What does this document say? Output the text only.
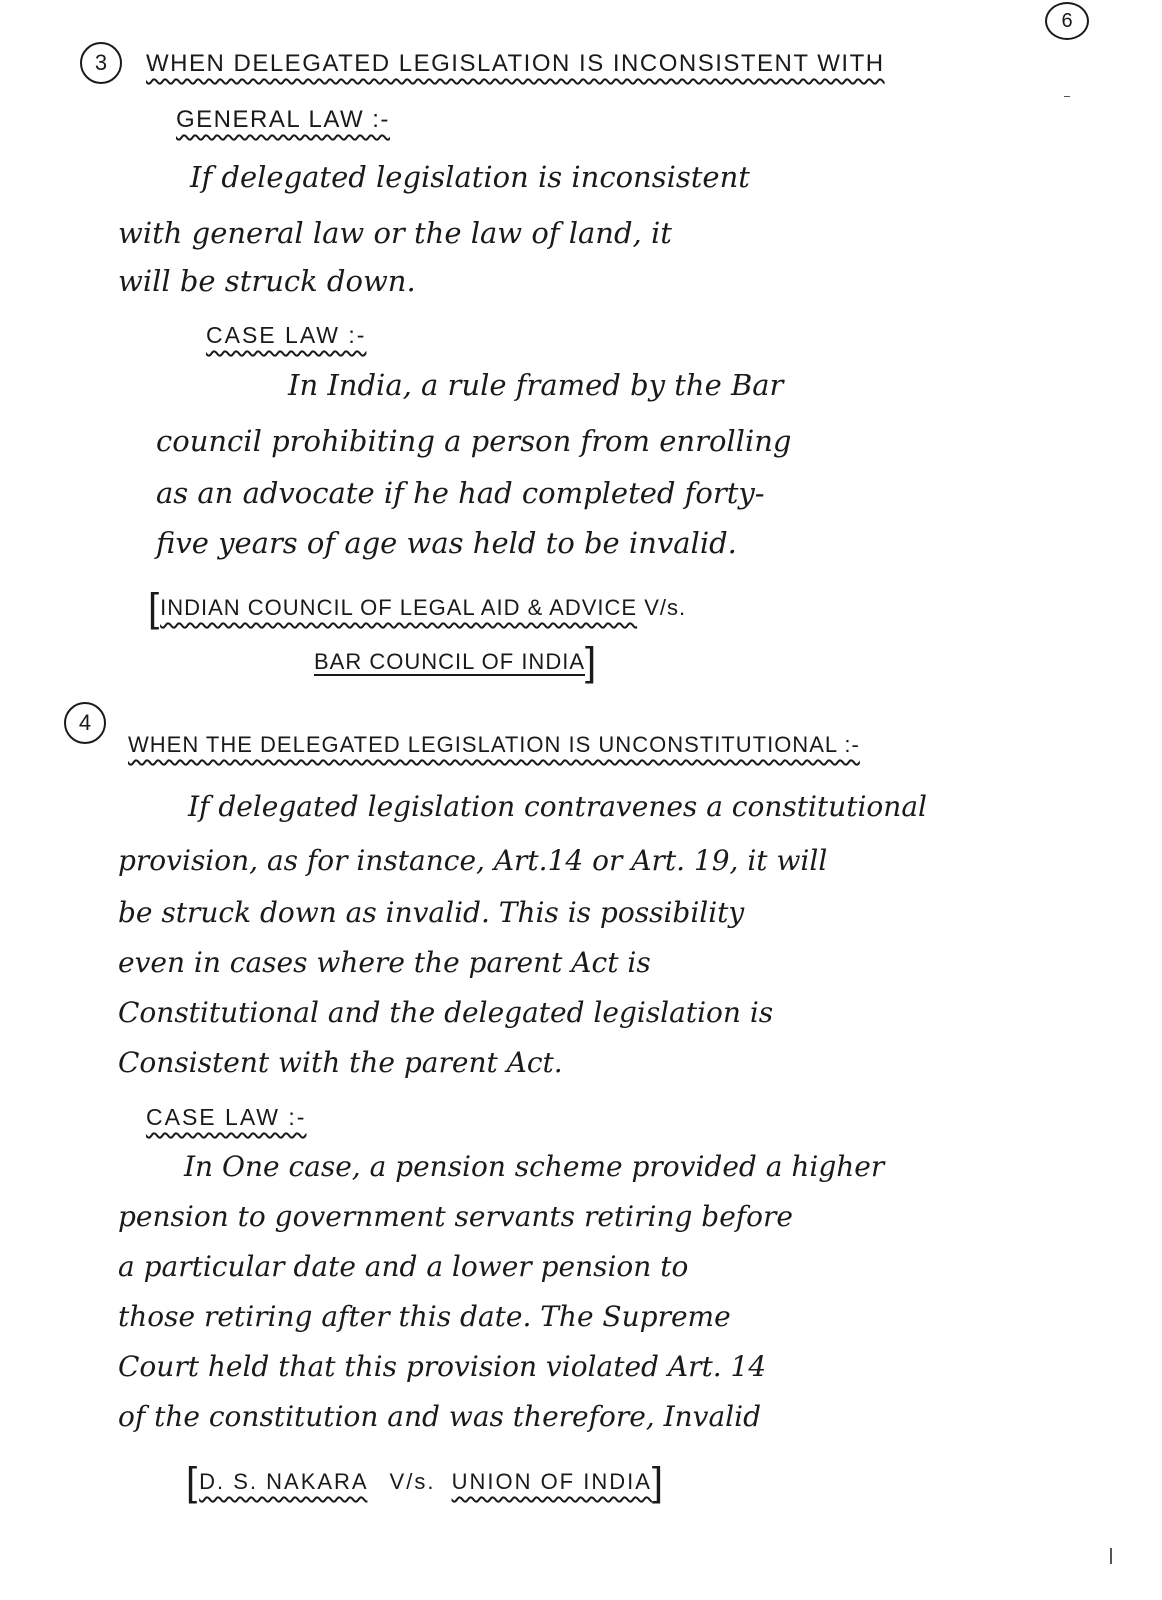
6
3 WHEN DELEGATED LEGISLATION IS INCONSISTENT WITH
GENERAL LAW :-
If delegated legislation is inconsistent
with general law or the law of land, it
will be struck down.
CASE LAW :-
In India, a rule framed by the Bar
council prohibiting a person from enrolling
as an advocate if he had completed forty-
five years of age was held to be invalid.
[INDIAN COUNCIL OF LEGAL AID & ADVICE V/s.
BAR COUNCIL OF INDIA]
4
WHEN THE DELEGATED LEGISLATION IS UNCONSTITUTIONAL :-
If delegated legislation contravenes a constitutional
provision, as for instance, Art.14 or Art. 19, it will
be struck down as invalid. This is possibility
even in cases where the parent Act is
Constitutional and the delegated legislation is
Consistent with the parent Act.
CASE LAW :-
In One case, a pension scheme provided a higher
pension to government servants retiring before
a particular date and a lower pension to
those retiring after this date. The Supreme
Court held that this provision violated Art. 14
of the constitution and was therefore, Invalid
[D. S. NAKARA V/s. UNION OF INDIA]
